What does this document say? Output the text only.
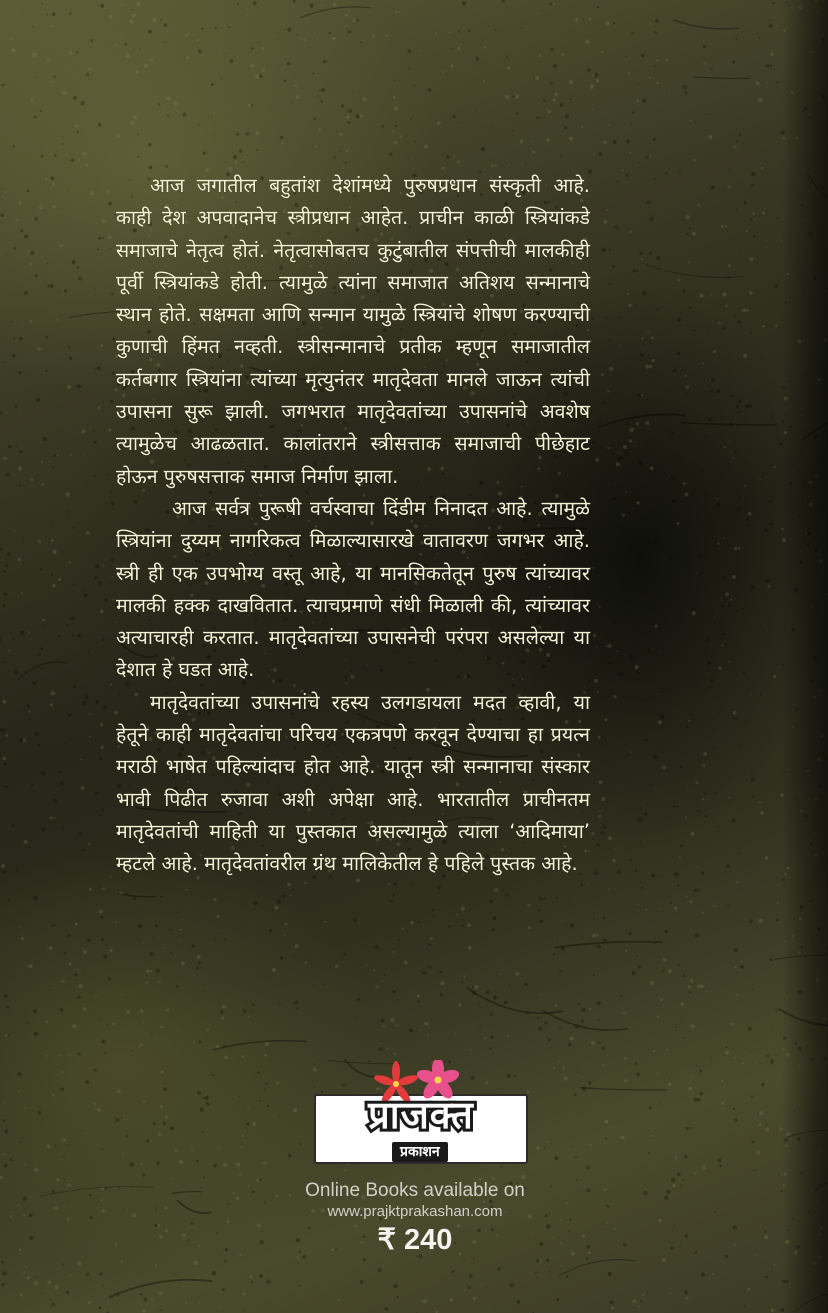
आज जगातील बहुतांश देशांमध्ये पुरुषप्रधान संस्कृती आहे. काही देश अपवादानेच स्त्रीप्रधान आहेत. प्राचीन काळी स्त्रियांकडे समाजाचे नेतृत्व होतं. नेतृत्वासोबतच कुटुंबातील संपत्तीची मालकीही पूर्वी स्त्रियांकडे होती. त्यामुळे त्यांना समाजात अतिशय सन्मानाचे स्थान होते. सक्षमता आणि सन्मान यामुळे स्त्रियांचे शोषण करण्याची कुणाची हिंमत नव्हती. स्त्रीसन्मानाचे प्रतीक म्हणून समाजातील कर्तबगार स्त्रियांना त्यांच्या मृत्युनंतर मातृदेवता मानले जाऊन त्यांची उपासना सुरू झाली. जगभरात मातृदेवतांच्या उपासनांचे अवशेष त्यामुळेच आढळतात. कालांतराने स्त्रीसत्ताक समाजाची पीछेहाट होऊन पुरुषसत्ताक समाज निर्माण झाला.

आज सर्वत्र पुरूषी वर्चस्वाचा दिंडीम निनादत आहे. त्यामुळे स्त्रियांना दुय्यम नागरिकत्व मिळाल्यासारखे वातावरण जगभर आहे. स्त्री ही एक उपभोग्य वस्तू आहे, या मानसिकतेतून पुरुष त्यांच्यावर मालकी हक्क दाखवितात. त्याचप्रमाणे संधी मिळाली की, त्यांच्यावर अत्याचारही करतात. मातृदेवतांच्या उपासनेची परंपरा असलेल्या या देशात हे घडत आहे.

मातृदेवतांच्या उपासनांचे रहस्य उलगडायला मदत व्हावी, या हेतूने काही मातृदेवतांचा परिचय एकत्रपणे करवून देण्याचा हा प्रयत्न मराठी भाषेत पहिल्यांदाच होत आहे. यातून स्त्री सन्मानाचा संस्कार भावी पिढीत रुजावा अशी अपेक्षा आहे. भारतातील प्राचीनतम मातृदेवतांची माहिती या पुस्तकात असल्यामुळे त्याला ‘आदिमाया’ म्हटले आहे. मातृदेवतांवरील ग्रंथ मालिकेतील हे पहिले पुस्तक आहे.

प्राजक्त
प्रकाशन
Online Books available on
www.prajktprakashan.com
₹ 240
